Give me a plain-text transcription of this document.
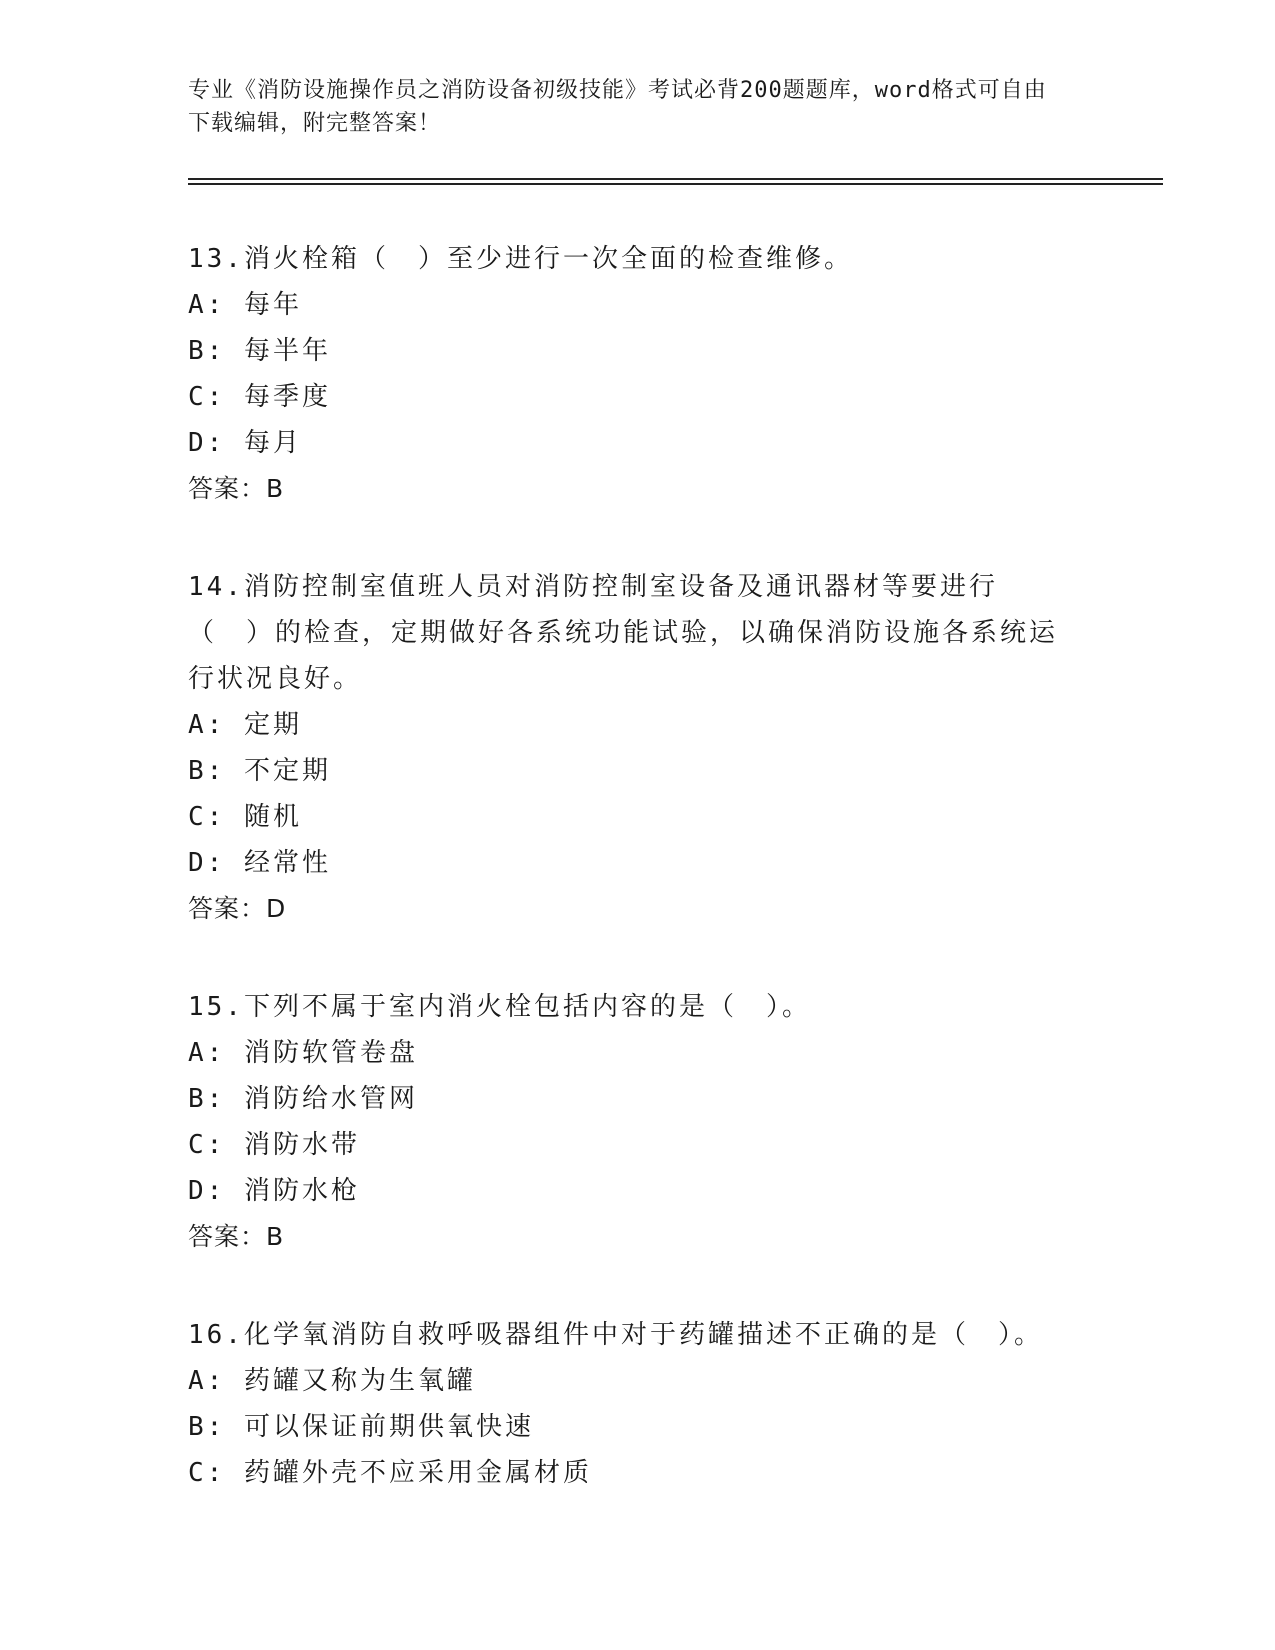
专业《消防设施操作员之消防设备初级技能》考试必背200题题库，word格式可自由下载编辑，附完整答案！

13.消火栓箱（　）至少进行一次全面的检查维修。

A: 每年

B: 每半年

C: 每季度

D: 每月

答案：B

14.消防控制室值班人员对消防控制室设备及通讯器材等要进行（　）的检查，定期做好各系统功能试验，以确保消防设施各系统运行状况良好。

A: 定期

B: 不定期

C: 随机

D: 经常性

答案：D

15.下列不属于室内消火栓包括内容的是（　）。

A: 消防软管卷盘

B: 消防给水管网

C: 消防水带

D: 消防水枪

答案：B

16.化学氧消防自救呼吸器组件中对于药罐描述不正确的是（　）。

A: 药罐又称为生氧罐

B: 可以保证前期供氧快速

C: 药罐外壳不应采用金属材质
